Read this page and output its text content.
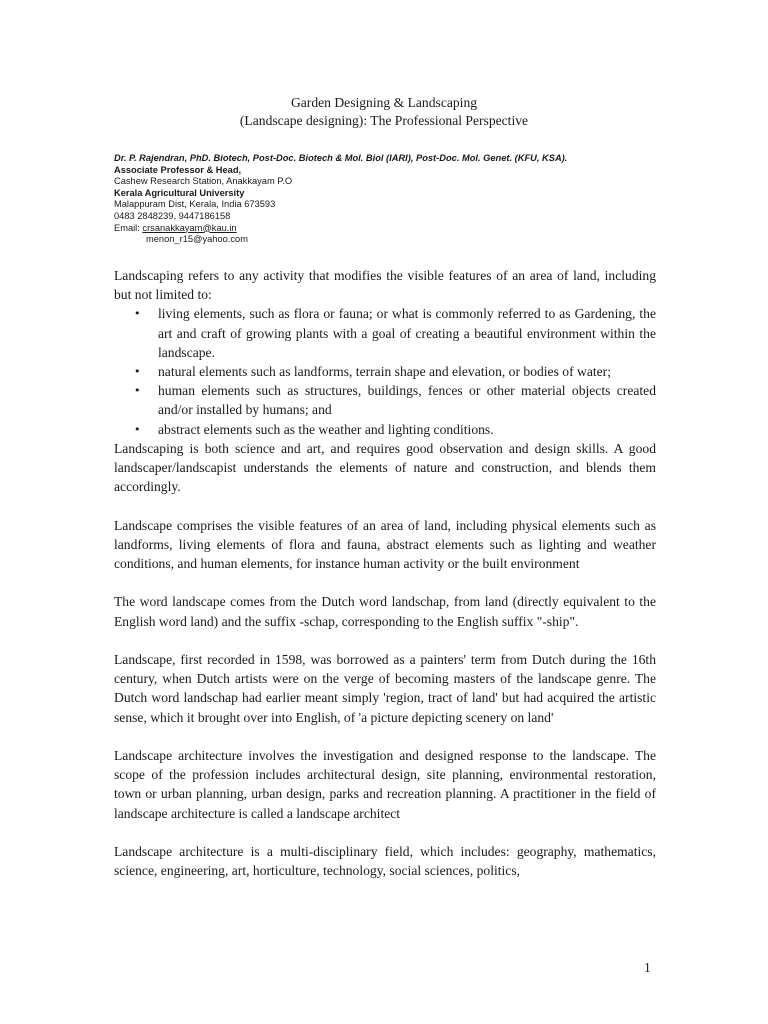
Garden Designing & Landscaping
(Landscape designing): The Professional Perspective
Dr. P. Rajendran, PhD. Biotech, Post-Doc. Biotech & Mol. Biol (IARI), Post-Doc. Mol. Genet. (KFU, KSA).
Associate Professor & Head,
Cashew Research Station, Anakkayam P.O
Kerala Agricultural University
Malappuram Dist, Kerala, India 673593
0483 2848239, 9447186158
Email: crsanakkayam@kau.in
menon_r15@yahoo.com

Landscaping refers to any activity that modifies the visible features of an area of land, including but not limited to:

• living elements, such as flora or fauna; or what is commonly referred to as Gardening, the art and craft of growing plants with a goal of creating a beautiful environment within the landscape.
• natural elements such as landforms, terrain shape and elevation, or bodies of water;
• human elements such as structures, buildings, fences or other material objects created and/or installed by humans; and
• abstract elements such as the weather and lighting conditions.

Landscaping is both science and art, and requires good observation and design skills. A good landscaper/landscapist understands the elements of nature and construction, and blends them accordingly.

Landscape comprises the visible features of an area of land, including physical elements such as landforms, living elements of flora and fauna, abstract elements such as lighting and weather conditions, and human elements, for instance human activity or the built environment

The word landscape comes from the Dutch word landschap, from land (directly equivalent to the English word land) and the suffix -schap, corresponding to the English suffix "-ship".

Landscape, first recorded in 1598, was borrowed as a painters' term from Dutch during the 16th century, when Dutch artists were on the verge of becoming masters of the landscape genre. The Dutch word landschap had earlier meant simply 'region, tract of land' but had acquired the artistic sense, which it brought over into English, of 'a picture depicting scenery on land'

Landscape architecture involves the investigation and designed response to the landscape. The scope of the profession includes architectural design, site planning, environmental restoration, town or urban planning, urban design, parks and recreation planning. A practitioner in the field of landscape architecture is called a landscape architect

Landscape architecture is a multi-disciplinary field, which includes: geography, mathematics, science, engineering, art, horticulture, technology, social sciences, politics,

1
